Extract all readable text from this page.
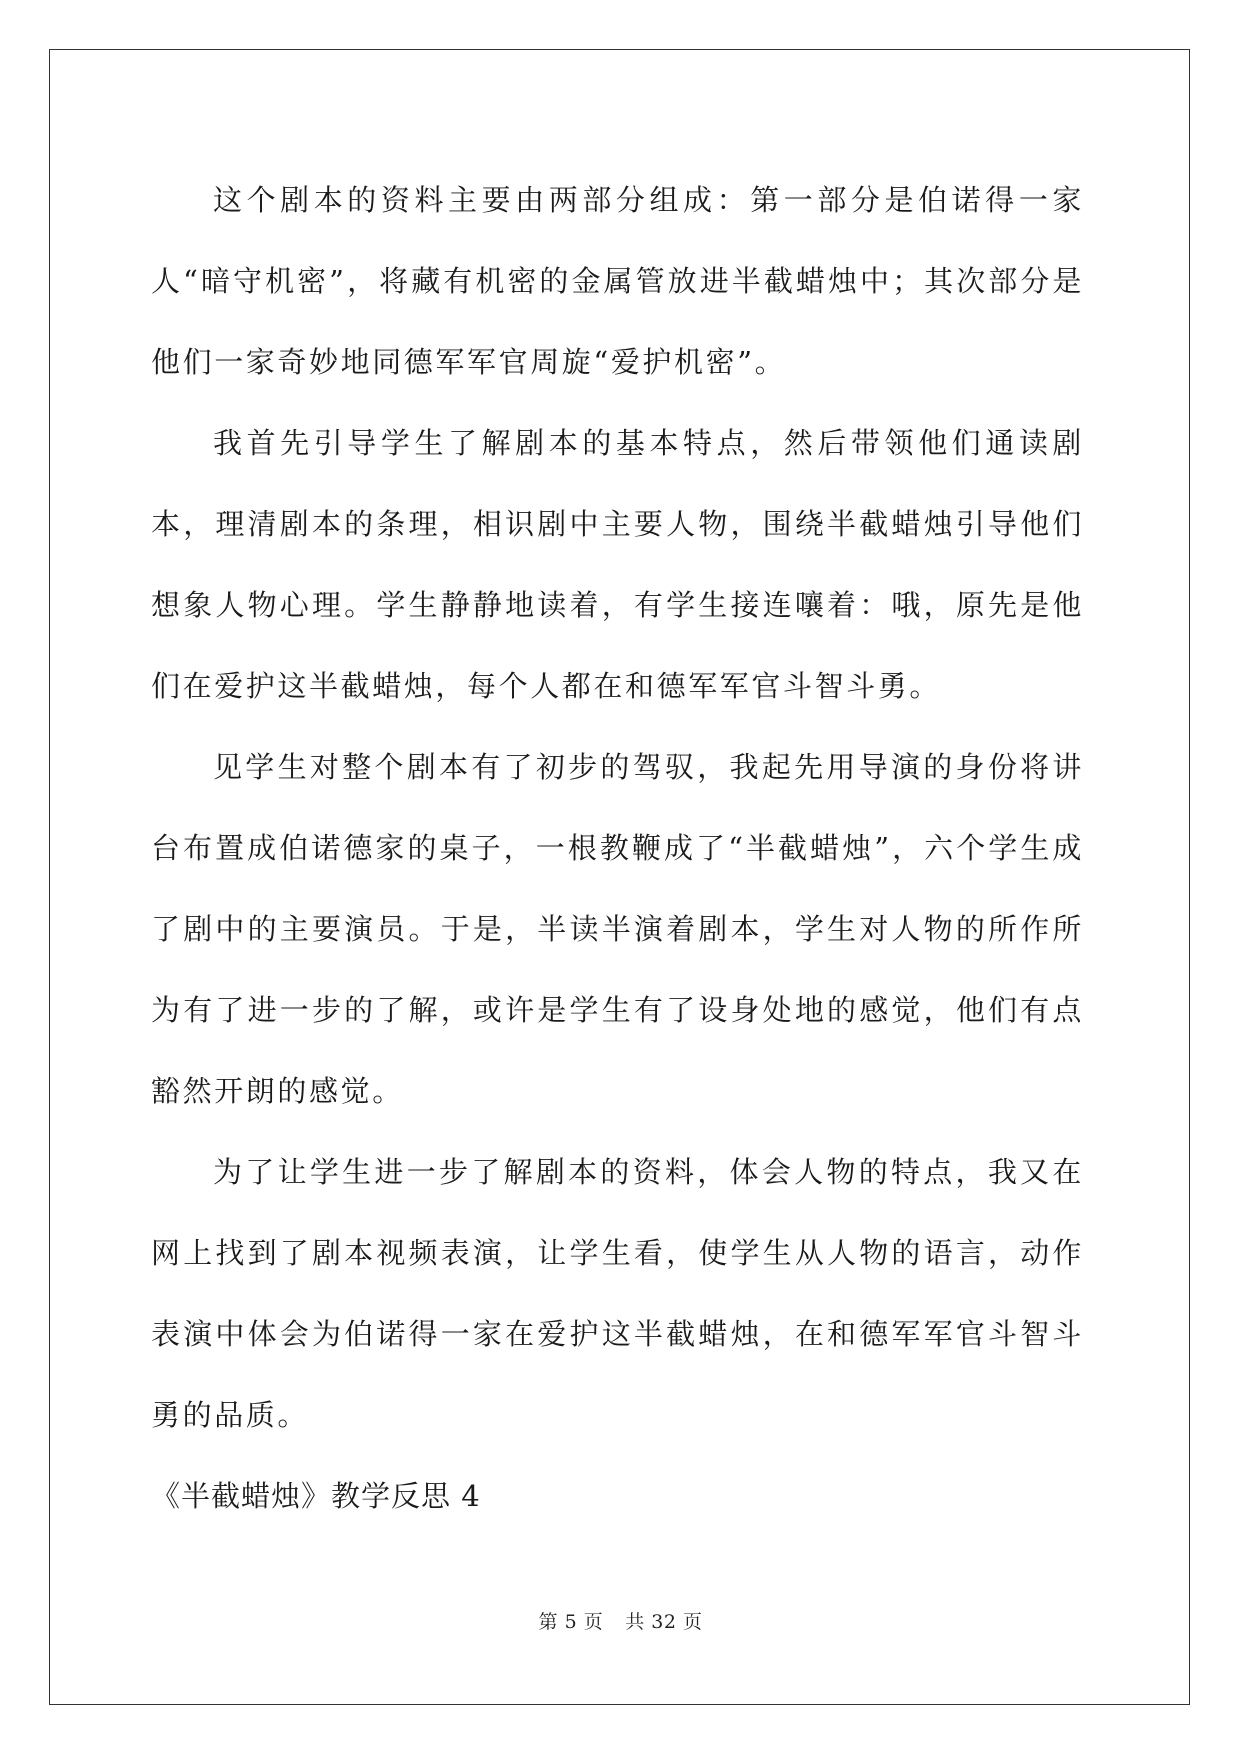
这个剧本的资料主要由两部分组成：第一部分是伯诺得一家人“暗守机密”，将藏有机密的金属管放进半截蜡烛中；其次部分是他们一家奇妙地同德军军官周旋“爱护机密”。

我首先引导学生了解剧本的基本特点，然后带领他们通读剧本，理清剧本的条理，相识剧中主要人物，围绕半截蜡烛引导他们想象人物心理。学生静静地读着，有学生接连嚷着：哦，原先是他们在爱护这半截蜡烛，每个人都在和德军军官斗智斗勇。

见学生对整个剧本有了初步的驾驭，我起先用导演的身份将讲台布置成伯诺德家的桌子，一根教鞭成了“半截蜡烛”，六个学生成了剧中的主要演员。于是，半读半演着剧本，学生对人物的所作所为有了进一步的了解，或许是学生有了设身处地的感觉，他们有点豁然开朗的感觉。

为了让学生进一步了解剧本的资料，体会人物的特点，我又在网上找到了剧本视频表演，让学生看，使学生从人物的语言，动作表演中体会为伯诺得一家在爱护这半截蜡烛，在和德军军官斗智斗勇的品质。

《半截蜡烛》教学反思 4

第 5 页 共 32 页
